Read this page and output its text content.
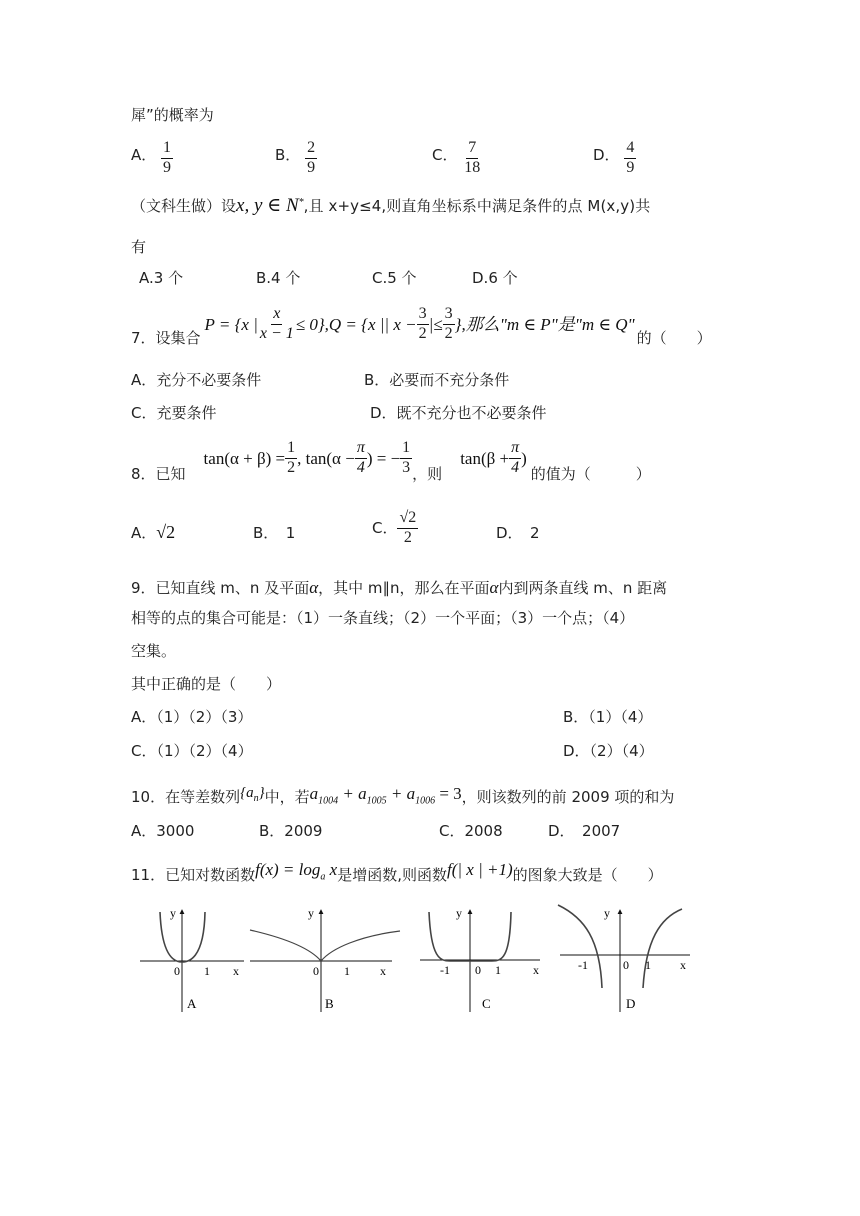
犀”的概率为
A． $\frac{1}{9}$	B． $\frac{2}{9}$	C． $\frac{7}{18}$	D． $\frac{4}{9}$
（文科生做）设x, y ∈ N*,且 x+y≤4,则直角坐标系中满足条件的点 M(x,y)共
有
A.3 个	B.4 个	C.5 个	D.6 个
7．设集合
P = {x | $\frac{x}{x - 1} \le 0\},Q = \{x$ || $x - \frac{3}{2}$ |≤ $\frac{3}{2}$ },那么"m ∈ P"是"m ∈ Q"
的（　　）
A．充分不必要条件	B．必要而不充分条件
C．充要条件	D．既不充分也不必要条件
8．已知
$\tan(\alpha + \beta) = \frac{1}{2}$ , $\tan(\alpha - \frac{\pi}{4}$ ) = − $\frac{1}{3}$ ，则
$\tan(\beta + \frac{\pi}{4}$ )
的值为（　　　）
A．√2	B．　1	C． $\frac{√2}{2}$	D．　2
9．已知直线 m、n 及平面α，其中 m∥n，那么在平面α内到两条直线 m、n 距离
相等的点的集合可能是：（1）一条直线；（2）一个平面；（3）一个点；（4）
空集。
其中正确的是（　　）
A．（1）（2）（3）	B．（1）（4）
C．（1）（2）（4）	D．（2）（4）
10．在等差数列$\{a_n\}$中，若$a_{1004} + a_{1005} + a_{1006} = 3$，则该数列的前 2009 项的和为
A．3000	B．2009	C．2008	D．　2007
11．已知对数函数$f(x) = \log_a x$是增函数,则函数f(| x | +1)的图象大致是（　　）
y
x
0 1
A
y
x
0 1
B
y
x
-1 0 1
C
y
x
-1	0 1
D
